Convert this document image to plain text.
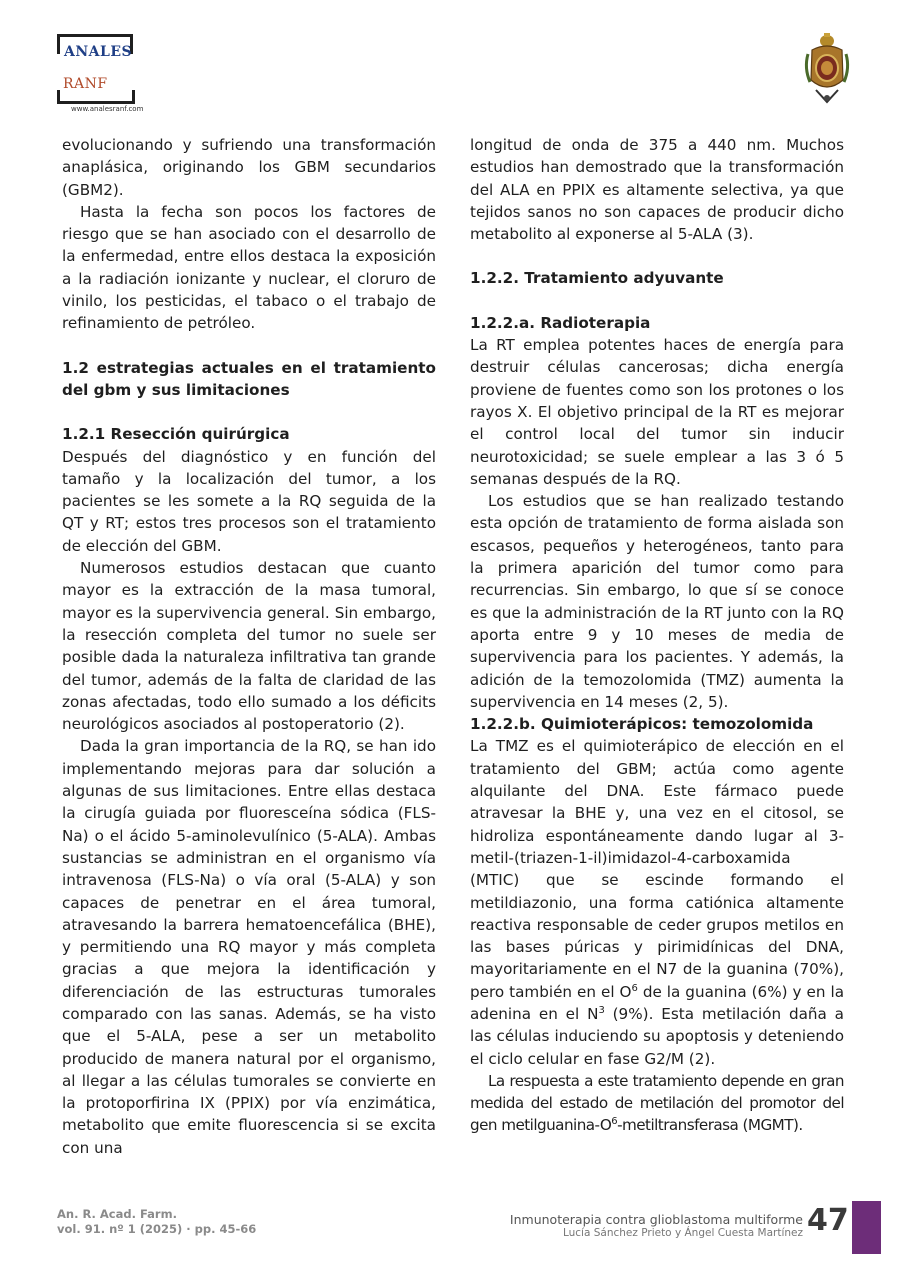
ANALES
RANF
www.analesranf.com

evolucionando y sufriendo una transformación anaplásica, originando los GBM secundarios (GBM2).

Hasta la fecha son pocos los factores de riesgo que se han asociado con el desarrollo de la enfermedad, entre ellos destaca la exposición a la radiación ionizante y nuclear, el cloruro de vinilo, los pesticidas, el tabaco o el trabajo de refinamiento de petróleo.

1.2 estrategias actuales en el tratamiento del gbm y sus limitaciones

1.2.1 Resección quirúrgica

Después del diagnóstico y en función del tamaño y la localización del tumor, a los pacientes se les somete a la RQ seguida de la QT y RT; estos tres procesos son el tratamiento de elección del GBM.

Numerosos estudios destacan que cuanto mayor es la extracción de la masa tumoral, mayor es la supervivencia general. Sin embargo, la resección completa del tumor no suele ser posible dada la naturaleza infiltrativa tan grande del tumor, además de la falta de claridad de las zonas afectadas, todo ello sumado a los déficits neurológicos asociados al postoperatorio (2).

Dada la gran importancia de la RQ, se han ido implementando mejoras para dar solución a algunas de sus limitaciones. Entre ellas destaca la cirugía guiada por fluoresceína sódica (FLS-Na) o el ácido 5-aminolevulínico (5-ALA). Ambas sustancias se administran en el organismo vía intravenosa (FLS-Na) o vía oral (5-ALA) y son capaces de penetrar en el área tumoral, atravesando la barrera hematoencefálica (BHE), y permitiendo una RQ mayor y más completa gracias a que mejora la identificación y diferenciación de las estructuras tumorales comparado con las sanas. Además, se ha visto que el 5-ALA, pese a ser un metabolito producido de manera natural por el organismo, al llegar a las células tumorales se convierte en la protoporfirina IX (PPIX) por vía enzimática, metabolito que emite fluorescencia si se excita con una

longitud de onda de 375 a 440 nm. Muchos estudios han demostrado que la transformación del ALA en PPIX es altamente selectiva, ya que tejidos sanos no son capaces de producir dicho metabolito al exponerse al 5-ALA (3).

1.2.2. Tratamiento adyuvante

1.2.2.a. Radioterapia

La RT emplea potentes haces de energía para destruir células cancerosas; dicha energía proviene de fuentes como son los protones o los rayos X. El objetivo principal de la RT es mejorar el control local del tumor sin inducir neurotoxicidad; se suele emplear a las 3 ó 5 semanas después de la RQ.

Los estudios que se han realizado testando esta opción de tratamiento de forma aislada son escasos, pequeños y heterogéneos, tanto para la primera aparición del tumor como para recurrencias. Sin embargo, lo que sí se conoce es que la administración de la RT junto con la RQ aporta entre 9 y 10 meses de media de supervivencia para los pacientes. Y además, la adición de la temozolomida (TMZ) aumenta la supervivencia en 14 meses (2, 5).

1.2.2.b. Quimioterápicos: temozolomida

La TMZ es el quimioterápico de elección en el tratamiento del GBM; actúa como agente alquilante del DNA. Este fármaco puede atravesar la BHE y, una vez en el citosol, se hidroliza espontáneamente dando lugar al 3-metil-(triazen-1-il)imidazol-4-carboxamida (MTIC) que se escinde formando el metildiazonio, una forma catiónica altamente reactiva responsable de ceder grupos metilos en las bases púricas y pirimidínicas del DNA, mayoritariamente en el N7 de la guanina (70%), pero también en el $O^6$ de la guanina (6%) y en la adenina en el $N^3$ (9%). Esta metilación daña a las células induciendo su apoptosis y deteniendo el ciclo celular en fase G2/M (2).

La respuesta a este tratamiento depende en gran medida del estado de metilación del promotor del gen metilguanina-$O^6$-metiltransferasa (MGMT).

An. R. Acad. Farm.
vol. 91. nº 1 (2025) · pp. 45-66
Inmunoterapia contra glioblastoma multiforme
Lucía Sánchez Prieto y Ángel Cuesta Martínez 47
